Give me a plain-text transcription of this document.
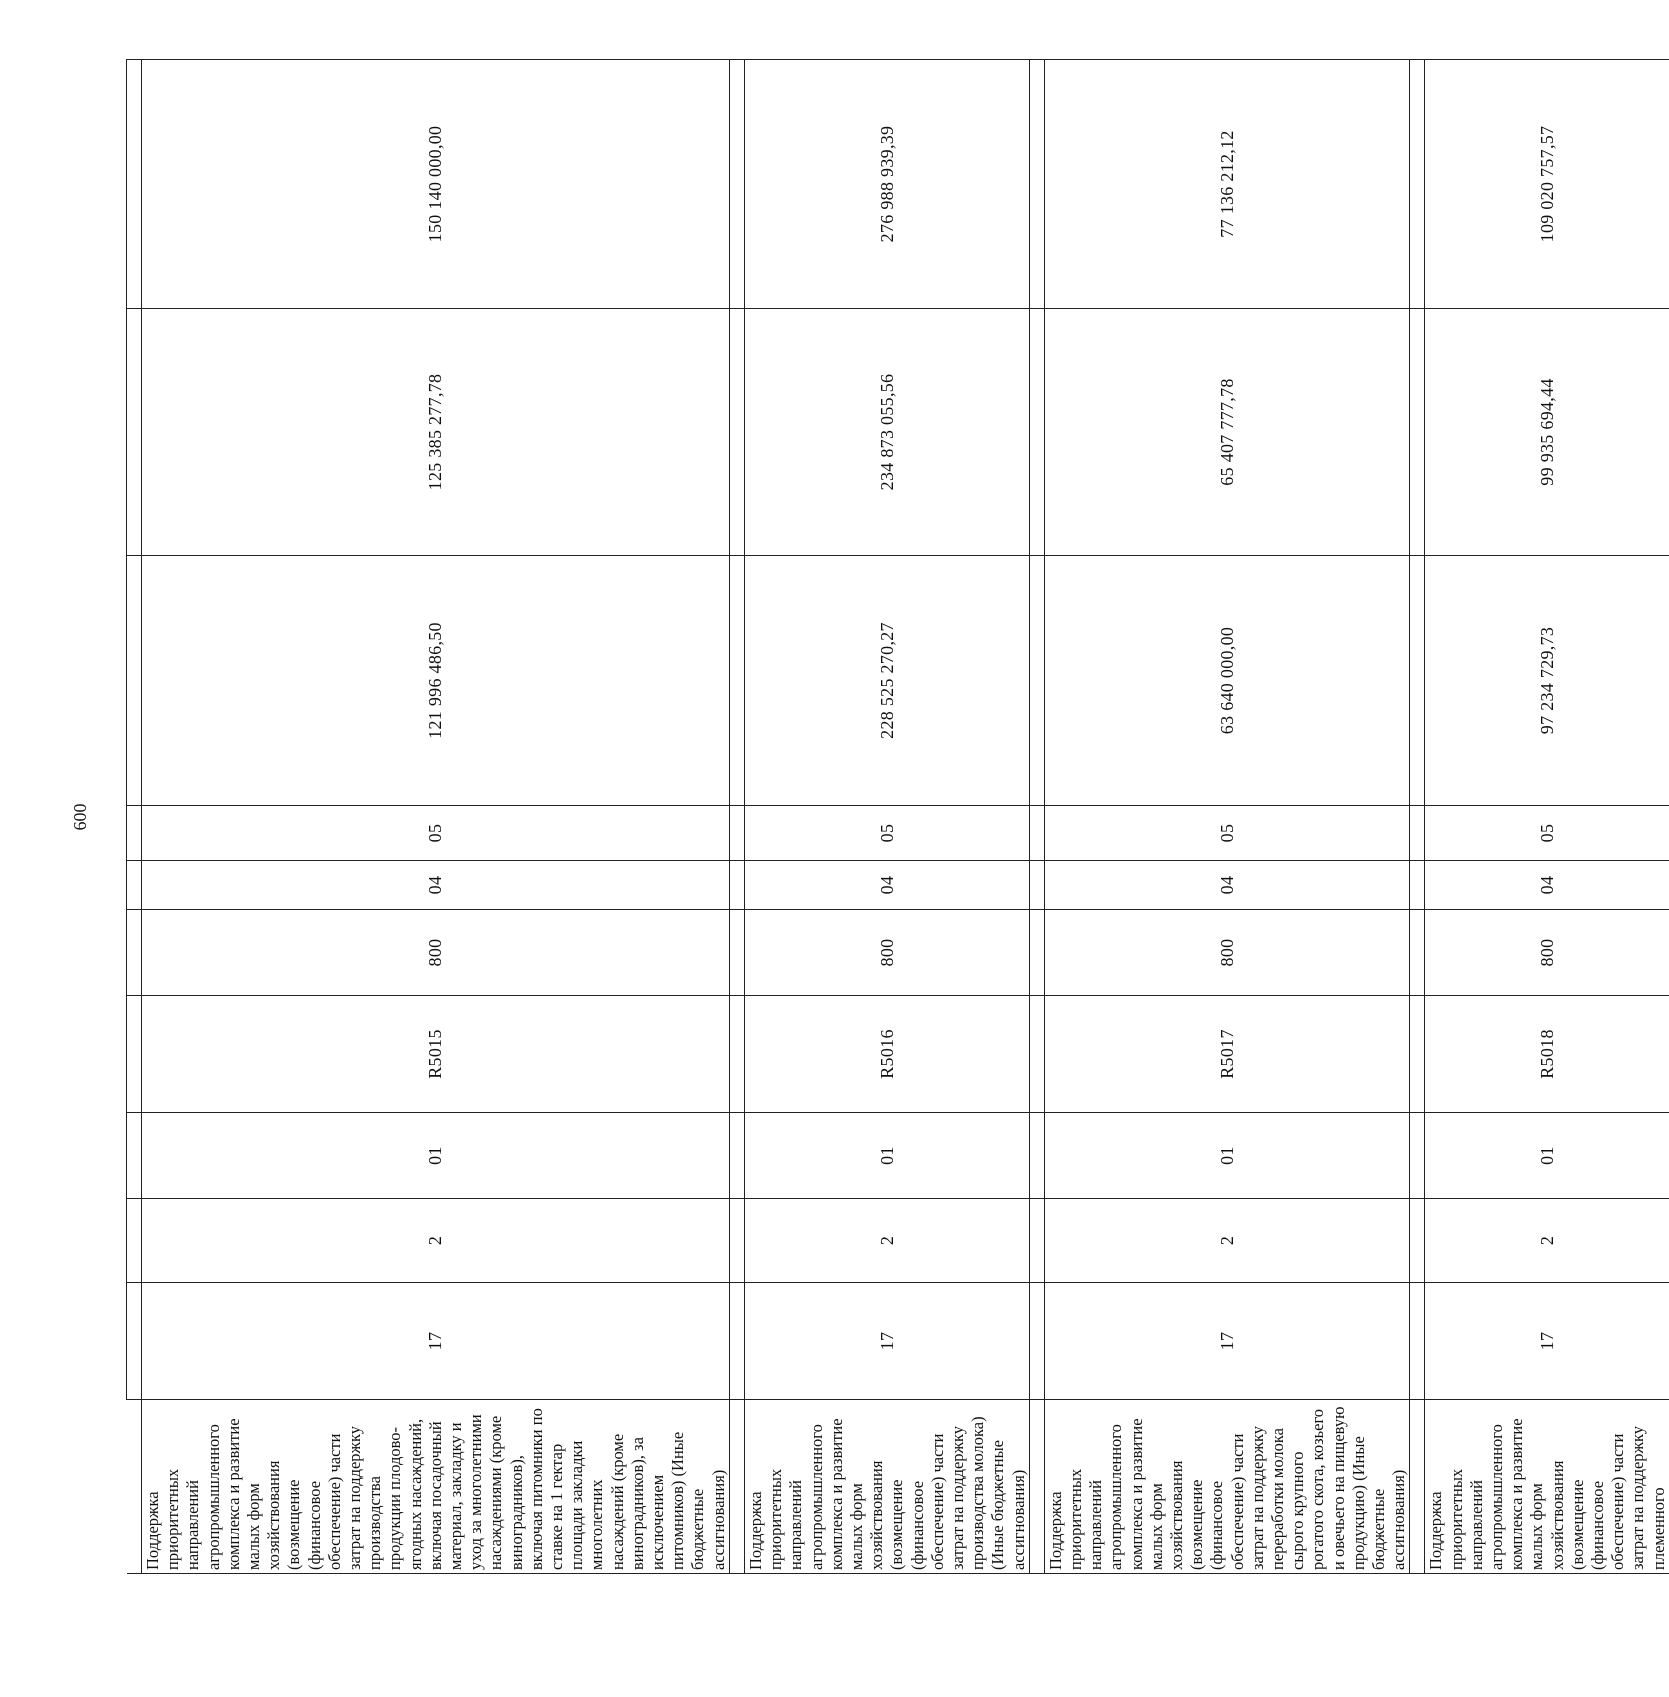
600

Поддержка приоритетных направлений агропромышленного комплекса и развитие малых форм хозяйствования (возмещение (финансовое обеспечение) части затрат на поддержку производства продукции плодово-ягодных насаждений, включая посадочный материал, закладку и уход за многолетними насаждениями (кроме виноградников), включая питомники по ставке на 1 гектар площади закладки многолетних насаждений (кроме виноградников), за исключением питомников) (Иные бюджетные ассигнования)	17	2	01	R5015	800	04	05	121 996 486,50	125 385 277,78	150 140 000,00

Поддержка приоритетных направлений агропромышленного комплекса и развитие малых форм хозяйствования (возмещение (финансовое обеспечение) части затрат на поддержку производства молока) (Иные бюджетные ассигнования)	17	2	01	R5016	800	04	05	228 525 270,27	234 873 055,56	276 988 939,39

Поддержка приоритетных направлений агропромышленного комплекса и развитие малых форм хозяйствования (возмещение (финансовое обеспечение) части затрат на поддержку переработки молока сырого крупного рогатого скота, козьего и овечьего на пищевую продукцию) (Иные бюджетные ассигнования)	17	2	01	R5017	800	04	05	63 640 000,00	65 407 777,78	77 136 212,12

Поддержка приоритетных направлений агропромышленного комплекса и развитие малых форм хозяйствования (возмещение (финансовое обеспечение) части затрат на поддержку племенного	17	2	01	R5018	800	04	05	97 234 729,73	99 935 694,44	109 020 757,57
